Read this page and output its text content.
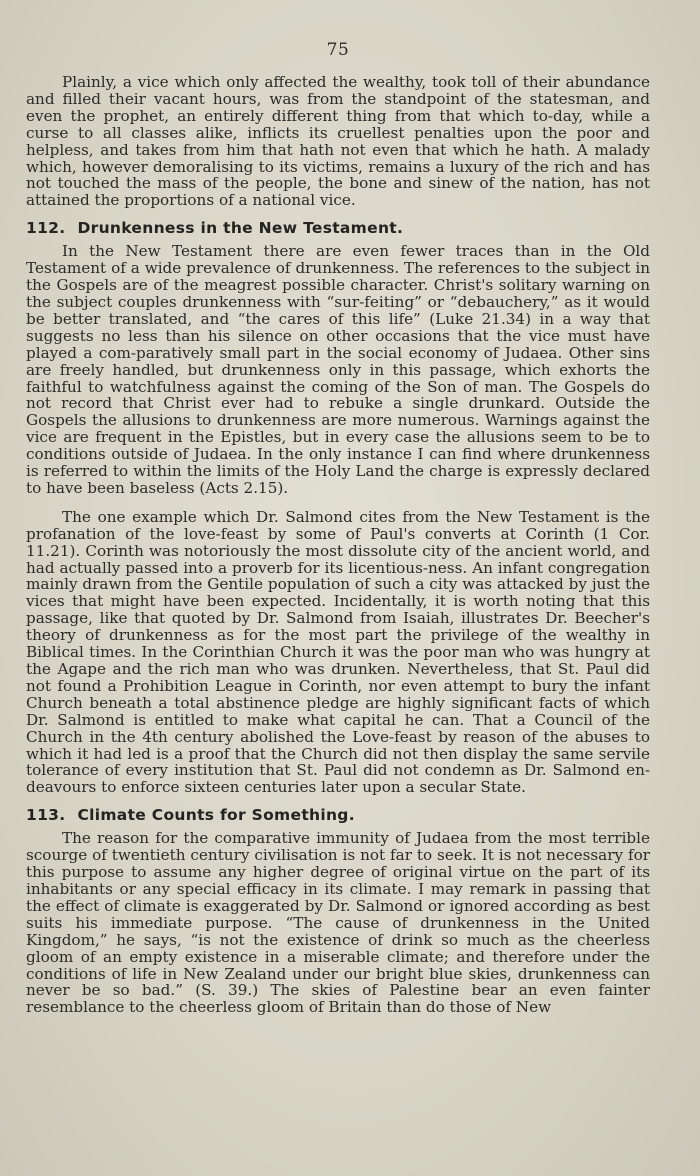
75

Plainly, a vice which only affected the wealthy, took toll of their abundance and filled their vacant hours, was from the standpoint of the statesman, and even the prophet, an entirely different thing from that which to-day, while a curse to all classes alike, inflicts its cruellest penalties upon the poor and helpless, and takes from him that hath not even that which he hath. A malady which, however demoralising to its victims, remains a luxury of the rich and has not touched the mass of the people, the bone and sinew of the nation, has not attained the proportions of a national vice.

112. Drunkenness in the New Testament.

In the New Testament there are even fewer traces than in the Old Testament of a wide prevalence of drunkenness. The references to the subject in the Gospels are of the meagrest possible character. Christ's solitary warning on the subject couples drunkenness with “sur-feiting” or “debauchery,” as it would be better translated, and “the cares of this life” (Luke 21.34) in a way that suggests no less than his silence on other occasions that the vice must have played a com-paratively small part in the social economy of Judaea. Other sins are freely handled, but drunkenness only in this passage, which exhorts the faithful to watchfulness against the coming of the Son of man. The Gospels do not record that Christ ever had to rebuke a single drunkard. Outside the Gospels the allusions to drunkenness are more numerous. Warnings against the vice are frequent in the Epistles, but in every case the allusions seem to be to conditions outside of Judaea. In the only instance I can find where drunkenness is referred to within the limits of the Holy Land the charge is expressly declared to have been baseless (Acts 2.15).

The one example which Dr. Salmond cites from the New Testament is the profanation of the love-feast by some of Paul's converts at Corinth (1 Cor. 11.21). Corinth was notoriously the most dissolute city of the ancient world, and had actually passed into a proverb for its licentious-ness. An infant congregation mainly drawn from the Gentile population of such a city was attacked by just the vices that might have been expected. Incidentally, it is worth noting that this passage, like that quoted by Dr. Salmond from Isaiah, illustrates Dr. Beecher's theory of drunkenness as for the most part the privilege of the wealthy in Biblical times. In the Corinthian Church it was the poor man who was hungry at the Agape and the rich man who was drunken. Nevertheless, that St. Paul did not found a Prohibition League in Corinth, nor even attempt to bury the infant Church beneath a total abstinence pledge are highly significant facts of which Dr. Salmond is entitled to make what capital he can. That a Council of the Church in the 4th century abolished the Love-feast by reason of the abuses to which it had led is a proof that the Church did not then display the same servile tolerance of every institution that St. Paul did not condemn as Dr. Salmond en-deavours to enforce sixteen centuries later upon a secular State.

113. Climate Counts for Something.

The reason for the comparative immunity of Judaea from the most terrible scourge of twentieth century civilisation is not far to seek. It is not necessary for this purpose to assume any higher degree of original virtue on the part of its inhabitants or any special efficacy in its climate. I may remark in passing that the effect of climate is exaggerated by Dr. Salmond or ignored according as best suits his immediate purpose. “The cause of drunkenness in the United Kingdom,” he says, “is not the existence of drink so much as the cheerless gloom of an empty existence in a miserable climate; and therefore under the conditions of life in New Zealand under our bright blue skies, drunkenness can never be so bad.” (S. 39.) The skies of Palestine bear an even fainter resemblance to the cheerless gloom of Britain than do those of New
